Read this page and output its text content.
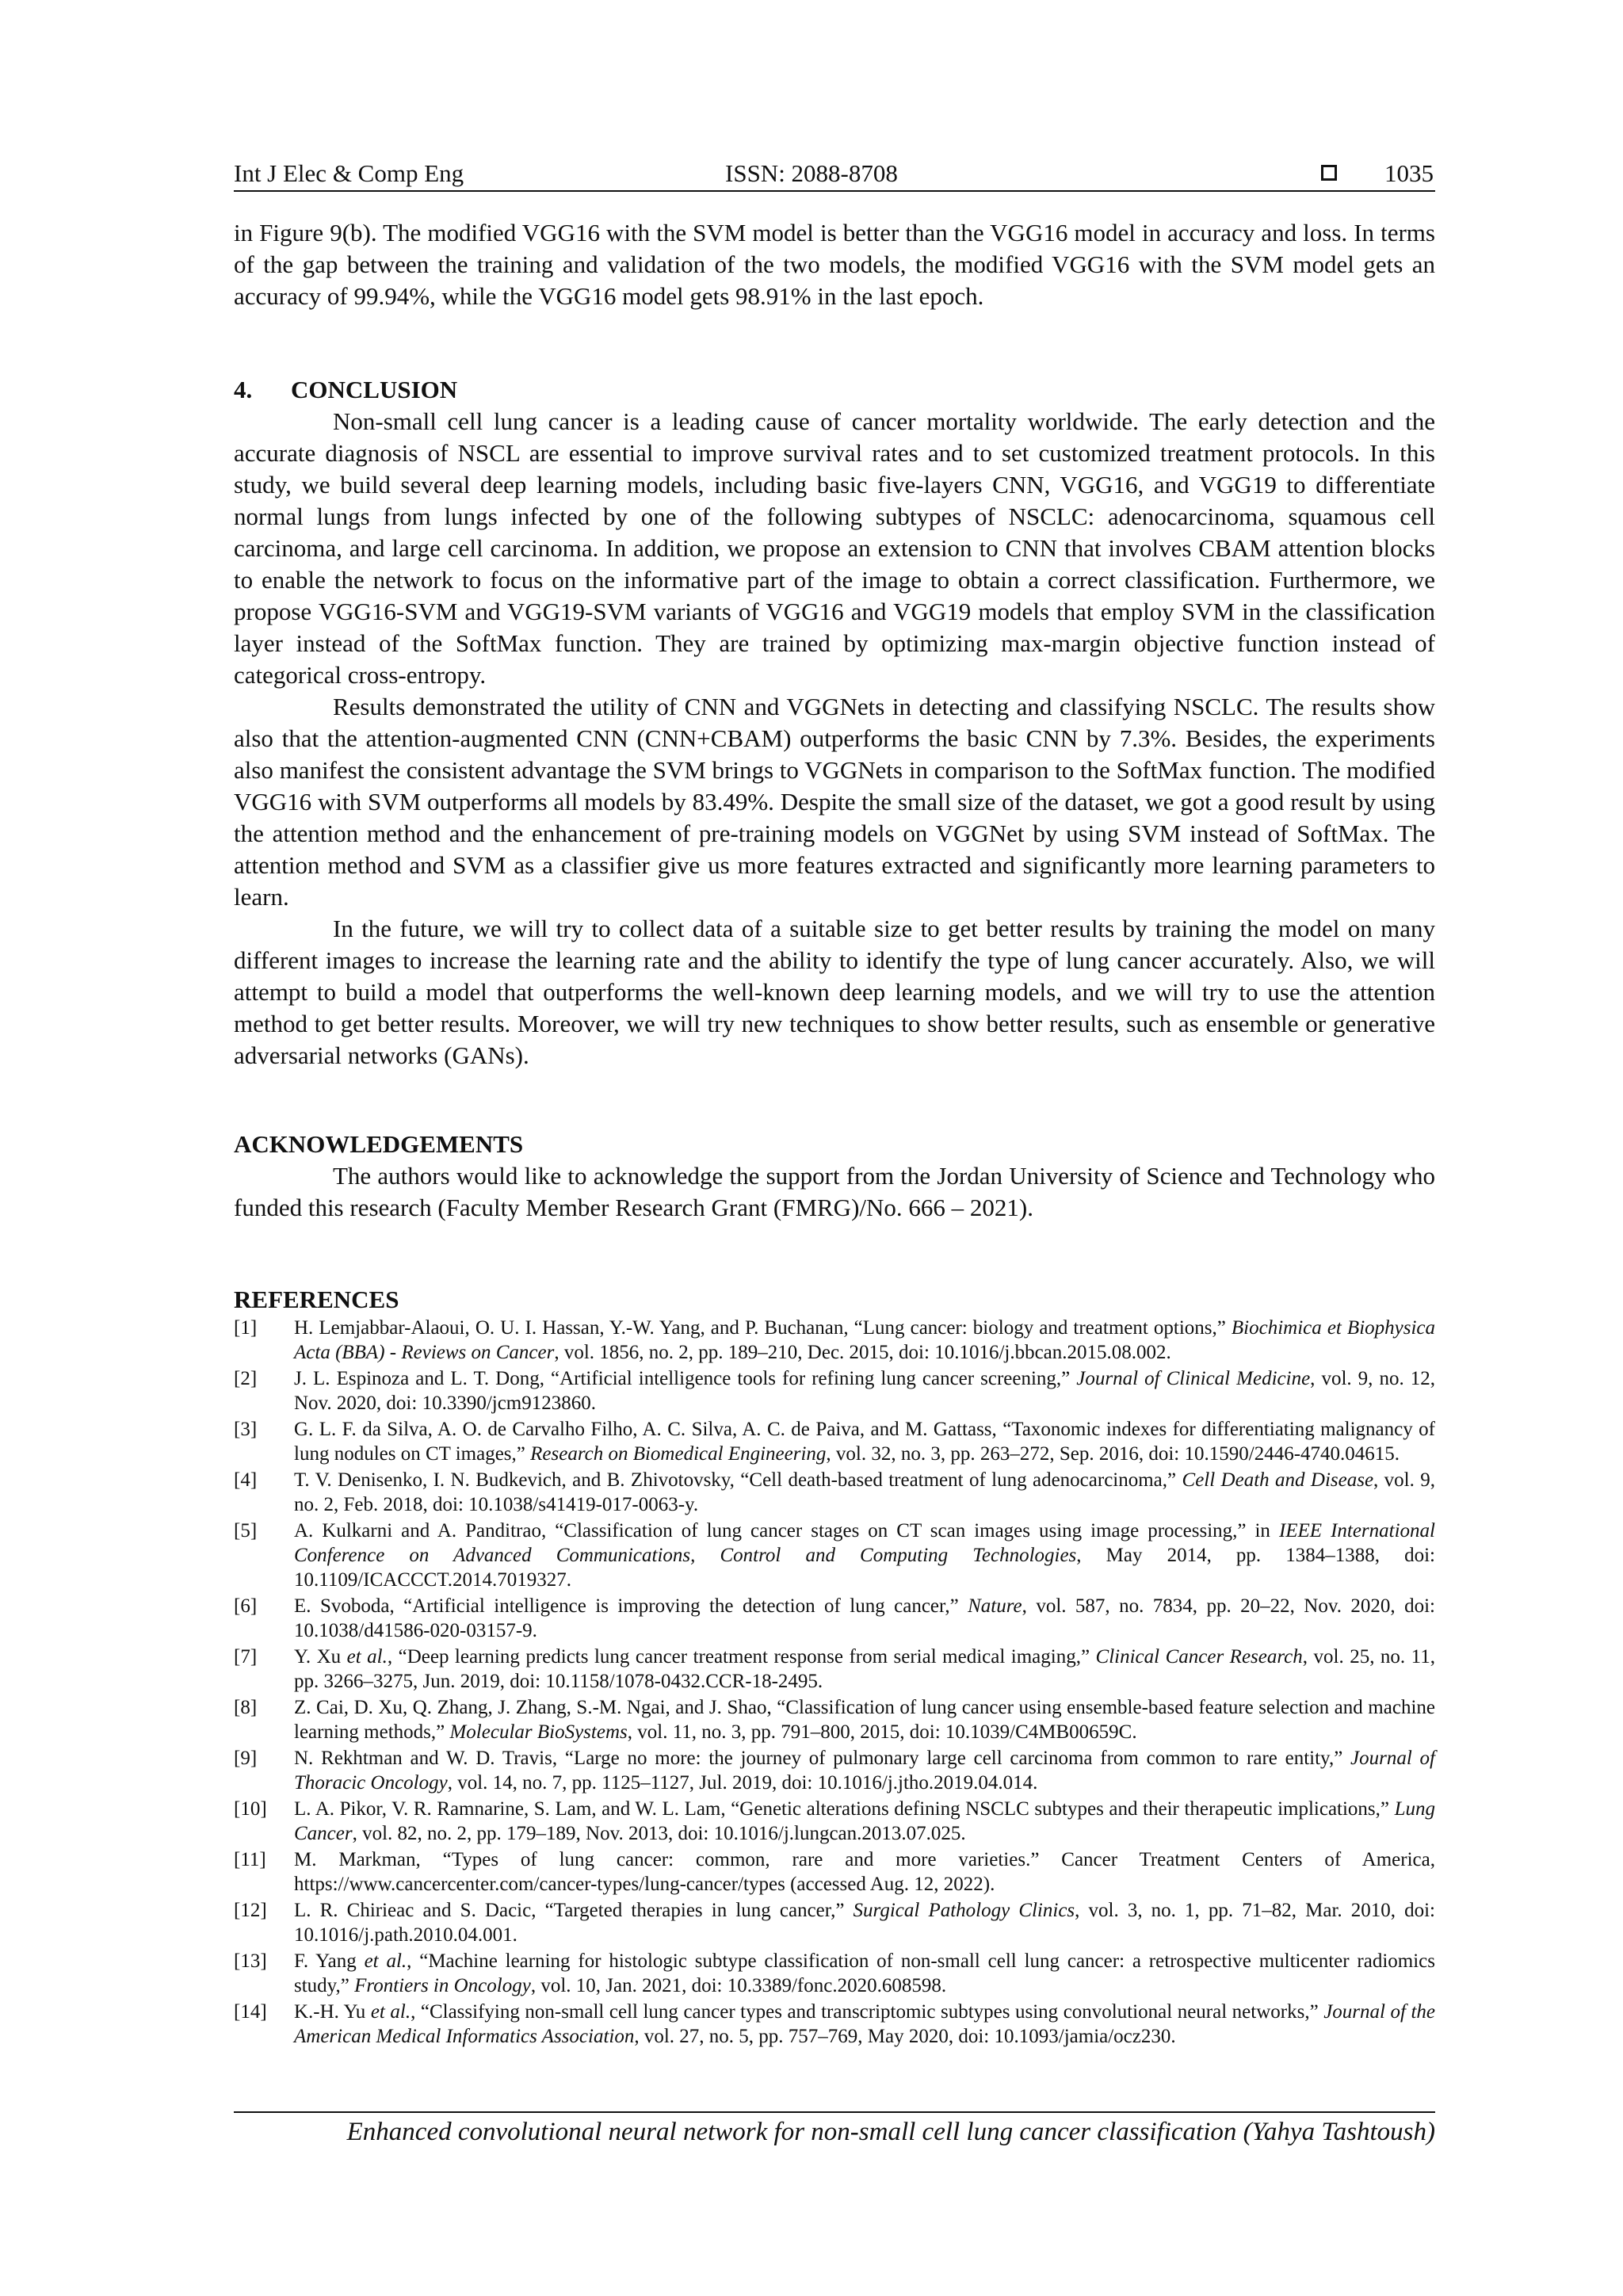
Int J Elec & Comp Eng	ISSN: 2088-8708	1035

in Figure 9(b). The modified VGG16 with the SVM model is better than the VGG16 model in accuracy and loss. In terms of the gap between the training and validation of the two models, the modified VGG16 with the SVM model gets an accuracy of 99.94%, while the VGG16 model gets 98.91% in the last epoch.

4. CONCLUSION

Non-small cell lung cancer is a leading cause of cancer mortality worldwide. The early detection and the accurate diagnosis of NSCL are essential to improve survival rates and to set customized treatment protocols. In this study, we build several deep learning models, including basic five-layers CNN, VGG16, and VGG19 to differentiate normal lungs from lungs infected by one of the following subtypes of NSCLC: adenocarcinoma, squamous cell carcinoma, and large cell carcinoma. In addition, we propose an extension to CNN that involves CBAM attention blocks to enable the network to focus on the informative part of the image to obtain a correct classification. Furthermore, we propose VGG16-SVM and VGG19-SVM variants of VGG16 and VGG19 models that employ SVM in the classification layer instead of the SoftMax function. They are trained by optimizing max-margin objective function instead of categorical cross-entropy.

Results demonstrated the utility of CNN and VGGNets in detecting and classifying NSCLC. The results show also that the attention-augmented CNN (CNN+CBAM) outperforms the basic CNN by 7.3%. Besides, the experiments also manifest the consistent advantage the SVM brings to VGGNets in comparison to the SoftMax function. The modified VGG16 with SVM outperforms all models by 83.49%. Despite the small size of the dataset, we got a good result by using the attention method and the enhancement of pre-training models on VGGNet by using SVM instead of SoftMax. The attention method and SVM as a classifier give us more features extracted and significantly more learning parameters to learn.

In the future, we will try to collect data of a suitable size to get better results by training the model on many different images to increase the learning rate and the ability to identify the type of lung cancer accurately. Also, we will attempt to build a model that outperforms the well-known deep learning models, and we will try to use the attention method to get better results. Moreover, we will try new techniques to show better results, such as ensemble or generative adversarial networks (GANs).

ACKNOWLEDGEMENTS

The authors would like to acknowledge the support from the Jordan University of Science and Technology who funded this research (Faculty Member Research Grant (FMRG)/No. 666 – 2021).

REFERENCES
[1] H. Lemjabbar-Alaoui, O. U. I. Hassan, Y.-W. Yang, and P. Buchanan, “Lung cancer: biology and treatment options,” Biochimica et Biophysica Acta (BBA) - Reviews on Cancer, vol. 1856, no. 2, pp. 189–210, Dec. 2015, doi: 10.1016/j.bbcan.2015.08.002.
[2] J. L. Espinoza and L. T. Dong, “Artificial intelligence tools for refining lung cancer screening,” Journal of Clinical Medicine, vol. 9, no. 12, Nov. 2020, doi: 10.3390/jcm9123860.
[3] G. L. F. da Silva, A. O. de Carvalho Filho, A. C. Silva, A. C. de Paiva, and M. Gattass, “Taxonomic indexes for differentiating malignancy of lung nodules on CT images,” Research on Biomedical Engineering, vol. 32, no. 3, pp. 263–272, Sep. 2016, doi: 10.1590/2446-4740.04615.
[4] T. V. Denisenko, I. N. Budkevich, and B. Zhivotovsky, “Cell death-based treatment of lung adenocarcinoma,” Cell Death and Disease, vol. 9, no. 2, Feb. 2018, doi: 10.1038/s41419-017-0063-y.
[5] A. Kulkarni and A. Panditrao, “Classification of lung cancer stages on CT scan images using image processing,” in IEEE International Conference on Advanced Communications, Control and Computing Technologies, May 2014, pp. 1384–1388, doi: 10.1109/ICACCCT.2014.7019327.
[6] E. Svoboda, “Artificial intelligence is improving the detection of lung cancer,” Nature, vol. 587, no. 7834, pp. 20–22, Nov. 2020, doi: 10.1038/d41586-020-03157-9.
[7] Y. Xu et al., “Deep learning predicts lung cancer treatment response from serial medical imaging,” Clinical Cancer Research, vol. 25, no. 11, pp. 3266–3275, Jun. 2019, doi: 10.1158/1078-0432.CCR-18-2495.
[8] Z. Cai, D. Xu, Q. Zhang, J. Zhang, S.-M. Ngai, and J. Shao, “Classification of lung cancer using ensemble-based feature selection and machine learning methods,” Molecular BioSystems, vol. 11, no. 3, pp. 791–800, 2015, doi: 10.1039/C4MB00659C.
[9] N. Rekhtman and W. D. Travis, “Large no more: the journey of pulmonary large cell carcinoma from common to rare entity,” Journal of Thoracic Oncology, vol. 14, no. 7, pp. 1125–1127, Jul. 2019, doi: 10.1016/j.jtho.2019.04.014.
[10] L. A. Pikor, V. R. Ramnarine, S. Lam, and W. L. Lam, “Genetic alterations defining NSCLC subtypes and their therapeutic implications,” Lung Cancer, vol. 82, no. 2, pp. 179–189, Nov. 2013, doi: 10.1016/j.lungcan.2013.07.025.
[11] M. Markman, “Types of lung cancer: common, rare and more varieties.” Cancer Treatment Centers of America, https://www.cancercenter.com/cancer-types/lung-cancer/types (accessed Aug. 12, 2022).
[12] L. R. Chirieac and S. Dacic, “Targeted therapies in lung cancer,” Surgical Pathology Clinics, vol. 3, no. 1, pp. 71–82, Mar. 2010, doi: 10.1016/j.path.2010.04.001.
[13] F. Yang et al., “Machine learning for histologic subtype classification of non-small cell lung cancer: a retrospective multicenter radiomics study,” Frontiers in Oncology, vol. 10, Jan. 2021, doi: 10.3389/fonc.2020.608598.
[14] K.-H. Yu et al., “Classifying non-small cell lung cancer types and transcriptomic subtypes using convolutional neural networks,” Journal of the American Medical Informatics Association, vol. 27, no. 5, pp. 757–769, May 2020, doi: 10.1093/jamia/ocz230.
Enhanced convolutional neural network for non-small cell lung cancer classification (Yahya Tashtoush)
